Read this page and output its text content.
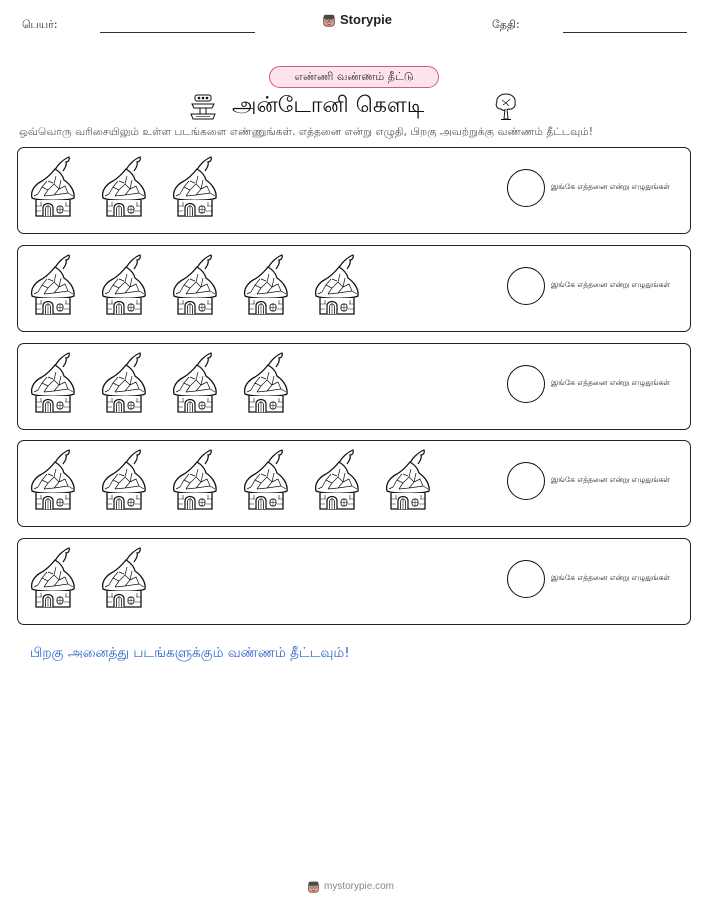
பெயர்:	Storypie	தேதி:
எண்ணி வண்ணம் தீட்டு
அன்டோனி கௌடி
ஒவ்வொரு வரிசையிலும் உள்ள படங்களை எண்ணுங்கள். எத்தனை என்று எழுதி, பிறகு அவற்றுக்கு வண்ணம் தீட்டவும்!
இங்கே எத்தனை என்று எழுதுங்கள்
இங்கே எத்தனை என்று எழுதுங்கள்
இங்கே எத்தனை என்று எழுதுங்கள்
இங்கே எத்தனை என்று எழுதுங்கள்
இங்கே எத்தனை என்று எழுதுங்கள்
பிறகு அனைத்து படங்களுக்கும் வண்ணம் தீட்டவும்!
mystorypie.com
